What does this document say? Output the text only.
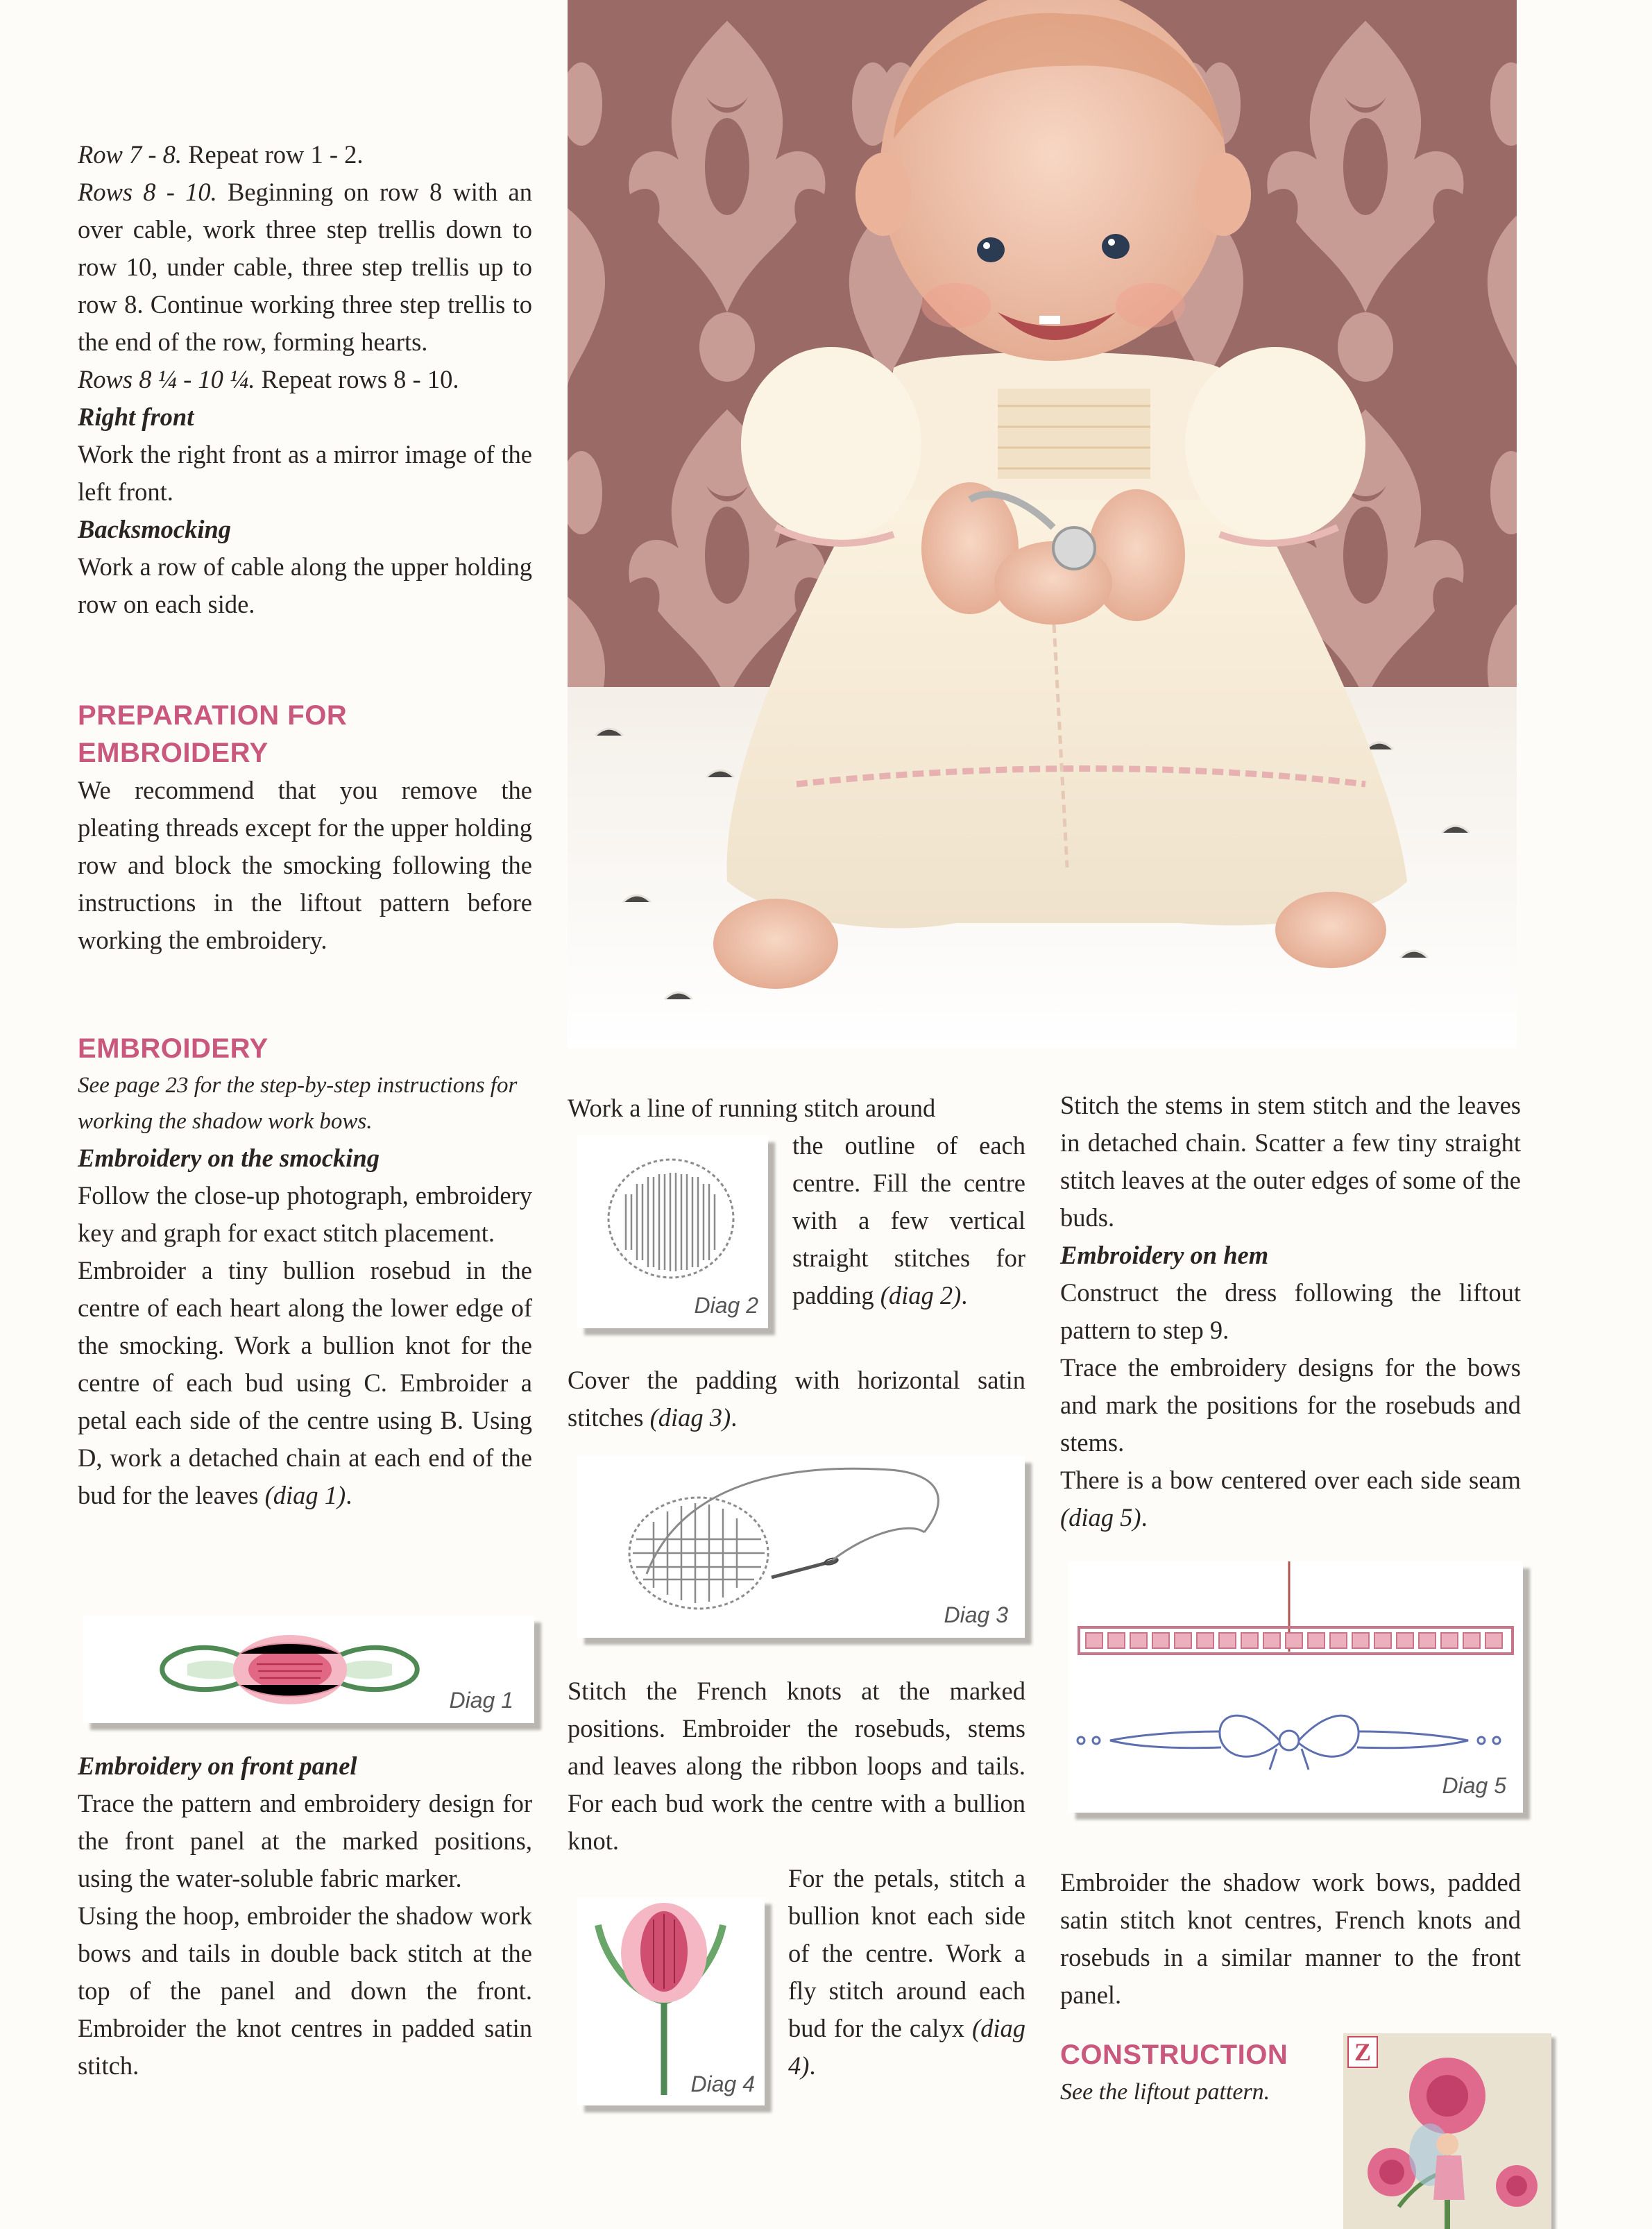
Row 7 - 8. Repeat row 1 - 2.

Rows 8 - 10. Beginning on row 8 with an over cable, work three step trellis down to row 10, under cable, three step trellis up to row 8. Continue working three step trellis to the end of the row, forming hearts.

Rows 8 ¼ - 10 ¼. Repeat rows 8 - 10.

Right front

Work the right front as a mirror image of the left front.

Backsmocking

Work a row of cable along the upper holding row on each side.

PREPARATION FOR

EMBROIDERY

We recommend that you remove the pleating threads except for the upper holding row and block the smocking following the instructions in the liftout pattern before working the embroidery.

EMBROIDERY

See page 23 for the step-by-step instructions for working the shadow work bows.

Embroidery on the smocking

Follow the close-up photograph, embroidery key and graph for exact stitch placement.

Embroider a tiny bullion rosebud in the centre of each heart along the lower edge of the smocking. Work a bullion knot for the centre of each bud using C. Embroider a petal each side of the centre using B. Using D, work a detached chain at each end of the bud for the leaves (diag 1).

Diag 1

Embroidery on front panel

Trace the pattern and embroidery design for the front panel at the marked positions, using the water-soluble fabric marker.

Using the hoop, embroider the shadow work bows and tails in double back stitch at the top of the panel and down the front. Embroider the knot centres in padded satin stitch.

Work a line of running stitch around

Diag 2

the outline of each centre. Fill the centre with a few vertical straight stitches for padding (diag 2).

Cover the padding with horizontal satin stitches (diag 3).

Diag 3

Stitch the French knots at the marked positions. Embroider the rosebuds, stems and leaves along the ribbon loops and tails. For each bud work the centre with a bullion knot.

Diag 4

For the petals, stitch a bullion knot each side of the centre. Work a fly stitch around each bud for the calyx (diag 4).

Stitch the stems in stem stitch and the leaves in detached chain. Scatter a few tiny straight stitch leaves at the outer edges of some of the buds.

Embroidery on hem

Construct the dress following the liftout pattern to step 9.

Trace the embroidery designs for the bows and mark the positions for the rosebuds and stems.

There is a bow centered over each side seam (diag 5).

Diag 5

Embroider the shadow work bows, padded satin stitch knot centres, French knots and rosebuds in a similar manner to the front panel.

CONSTRUCTION

See the liftout pattern.

Z
